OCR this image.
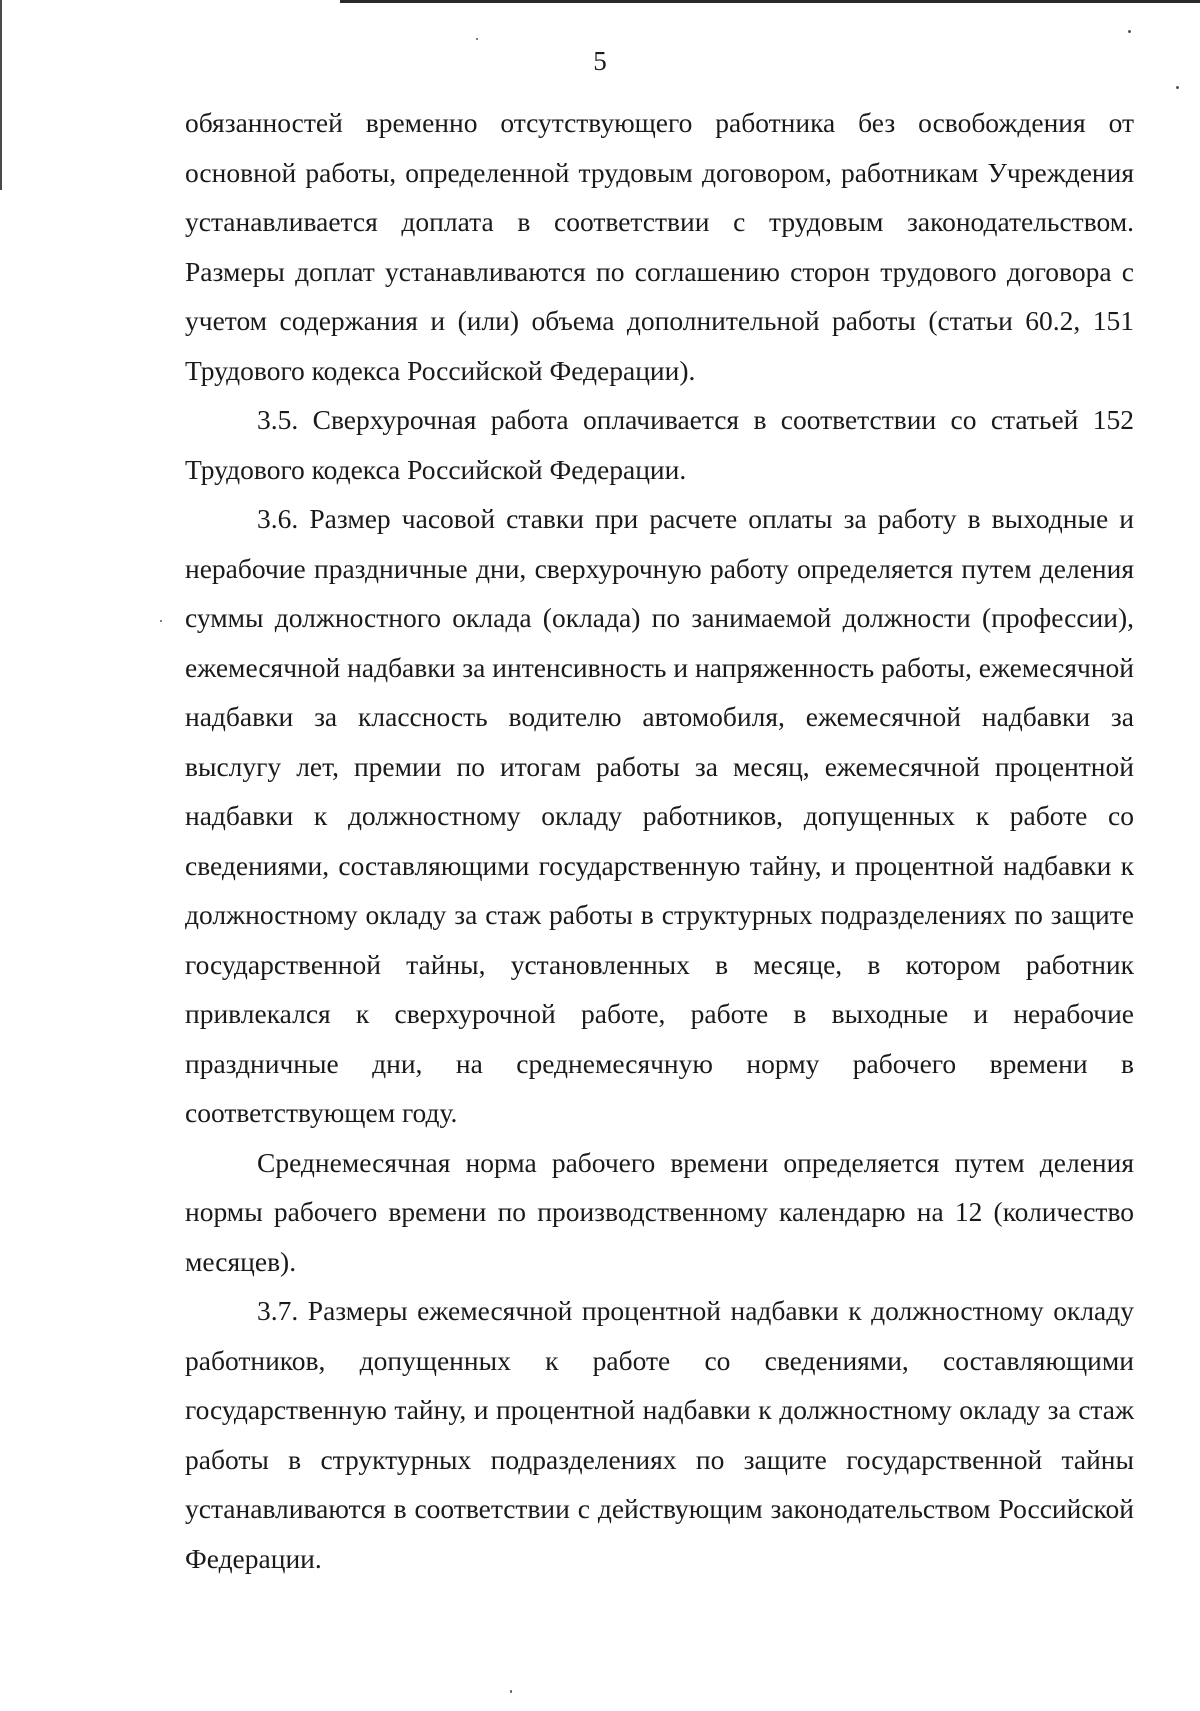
5

обязанностей временно отсутствующего работника без освобождения от основной работы, определенной трудовым договором, работникам Учреждения устанавливается доплата в соответствии с трудовым законодательством. Размеры доплат устанавливаются по соглашению сторон трудового договора с учетом содержания и (или) объема дополнительной работы (статьи 60.2, 151 Трудового кодекса Российской Федерации).

3.5. Сверхурочная работа оплачивается в соответствии со статьей 152 Трудового кодекса Российской Федерации.

3.6. Размер часовой ставки при расчете оплаты за работу в выходные и нерабочие праздничные дни, сверхурочную работу определяется путем деления суммы должностного оклада (оклада) по занимаемой должности (профессии), ежемесячной надбавки за интенсивность и напряженность работы, ежемесячной надбавки за классность водителю автомобиля, ежемесячной надбавки за выслугу лет, премии по итогам работы за месяц, ежемесячной процентной надбавки к должностному окладу работников, допущенных к работе со сведениями, составляющими государственную тайну, и процентной надбавки к должностному окладу за стаж работы в структурных подразделениях по защите государственной тайны, установленных в месяце, в котором работник привлекался к сверхурочной работе, работе в выходные и нерабочие праздничные дни, на среднемесячную норму рабочего времени в соответствующем году.

Среднемесячная норма рабочего времени определяется путем деления нормы рабочего времени по производственному календарю на 12 (количество месяцев).

3.7. Размеры ежемесячной процентной надбавки к должностному окладу работников, допущенных к работе со сведениями, составляющими государственную тайну, и процентной надбавки к должностному окладу за стаж работы в структурных подразделениях по защите государственной тайны устанавливаются в соответствии с действующим законодательством Российской Федерации.
